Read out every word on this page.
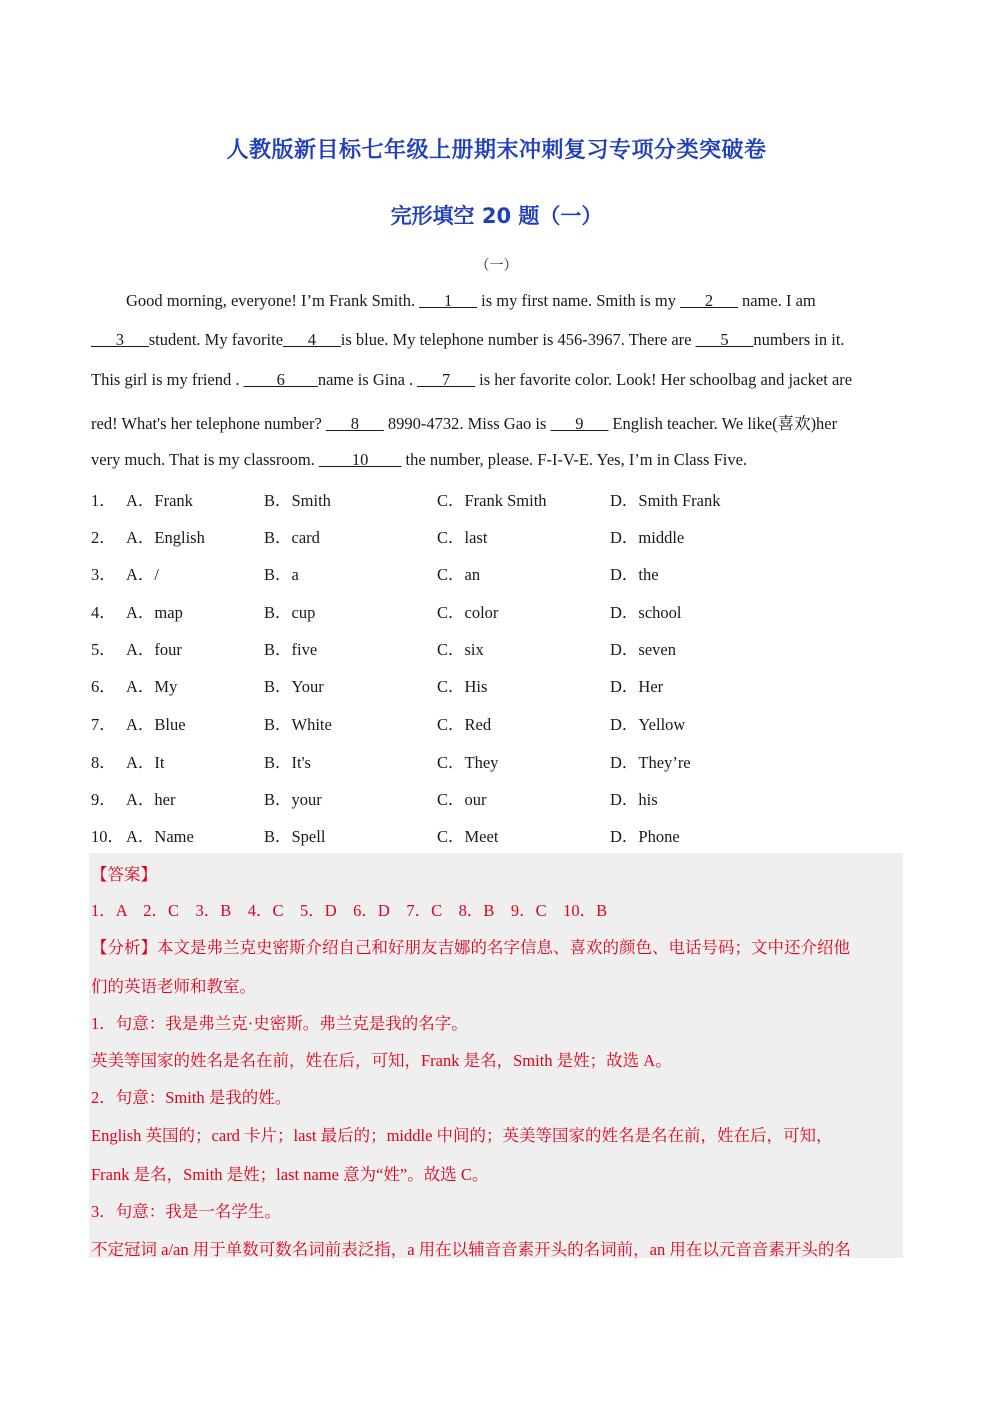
人教版新目标七年级上册期末冲刺复习专项分类突破卷
完形填空 20 题（一）
（一）
Good morning, everyone! I’m Frank Smith. ___1___ is my first name. Smith is my ___2___ name. I am
___3___student. My favorite___4___is blue. My telephone number is 456-3967. There are ___5___numbers in it.
This girl is my friend . ____6____name is Gina . ___7___ is her favorite color. Look! Her schoolbag and jacket are
red! What's her telephone number? ___8___ 8990-4732. Miss Gao is ___9___ English teacher. We like(喜欢)her
very much. That is my classroom. ____10____ the number, please. F-I-V-E. Yes, I’m in Class Five.
1． A．Frank	B．Smith	C．Frank Smith	D．Smith Frank
2． A．English	B．card	C．last	D．middle
3． A．/	B．a	C．an	D．the
4． A．map	B．cup	C．color	D．school
5． A．four	B．five	C．six	D．seven
6． A．My	B．Your	C．His	D．Her
7． A．Blue	B．White	C．Red	D．Yellow
8． A．It	B．It's	C．They	D．They’re
9． A．her	B．your	C．our	D．his
10． A．Name	B．Spell	C．Meet	D．Phone
【答案】
1．A　2．C　3．B　4．C　5．D　6．D　7．C　8．B　9．C　10．B
【分析】本文是弗兰克史密斯介绍自己和好朋友吉娜的名字信息、喜欢的颜色、电话号码；文中还介绍他
们的英语老师和教室。
1．句意：我是弗兰克·史密斯。弗兰克是我的名字。
英美等国家的姓名是名在前，姓在后，可知，Frank 是名，Smith 是姓；故选 A。
2．句意：Smith 是我的姓。
English 英国的；card 卡片；last 最后的；middle 中间的；英美等国家的姓名是名在前，姓在后，可知，
Frank 是名，Smith 是姓；last name 意为“姓”。故选 C。
3．句意：我是一名学生。
不定冠词 a/an 用于单数可数名词前表泛指，a 用在以辅音音素开头的名词前，an 用在以元音音素开头的名
